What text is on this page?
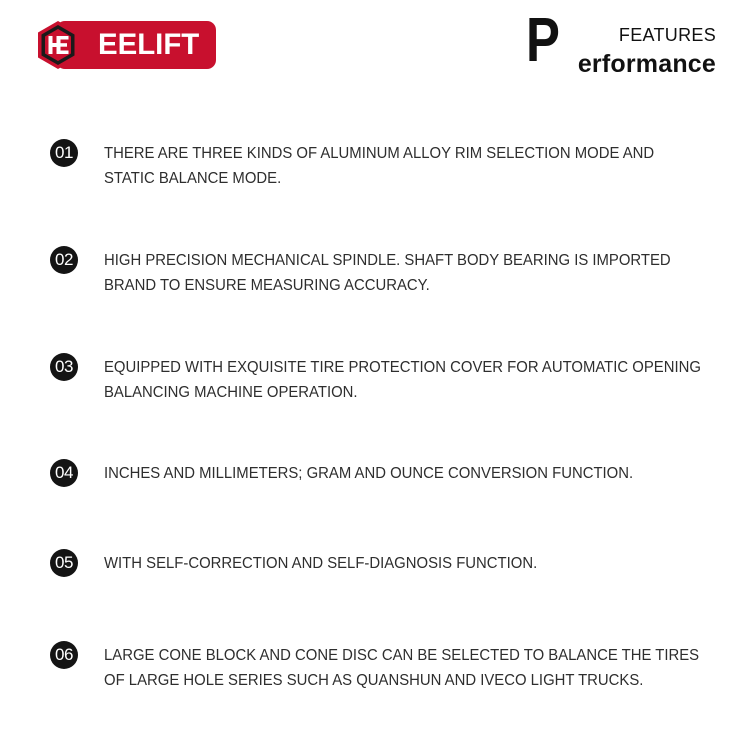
EELIFT	P	FEATURES
erformance
01	THERE ARE THREE KINDS OF ALUMINUM ALLOY RIM SELECTION MODE AND
STATIC BALANCE MODE.
02	HIGH PRECISION MECHANICAL SPINDLE. SHAFT BODY BEARING IS IMPORTED
BRAND TO ENSURE MEASURING ACCURACY.
03	EQUIPPED WITH EXQUISITE TIRE PROTECTION COVER FOR AUTOMATIC OPENING
BALANCING MACHINE OPERATION.
04	INCHES AND MILLIMETERS; GRAM AND OUNCE CONVERSION FUNCTION.
05	WITH SELF-CORRECTION AND SELF-DIAGNOSIS FUNCTION.
06	LARGE CONE BLOCK AND CONE DISC CAN BE SELECTED TO BALANCE THE TIRES
OF LARGE HOLE SERIES SUCH AS QUANSHUN AND IVECO LIGHT TRUCKS.
